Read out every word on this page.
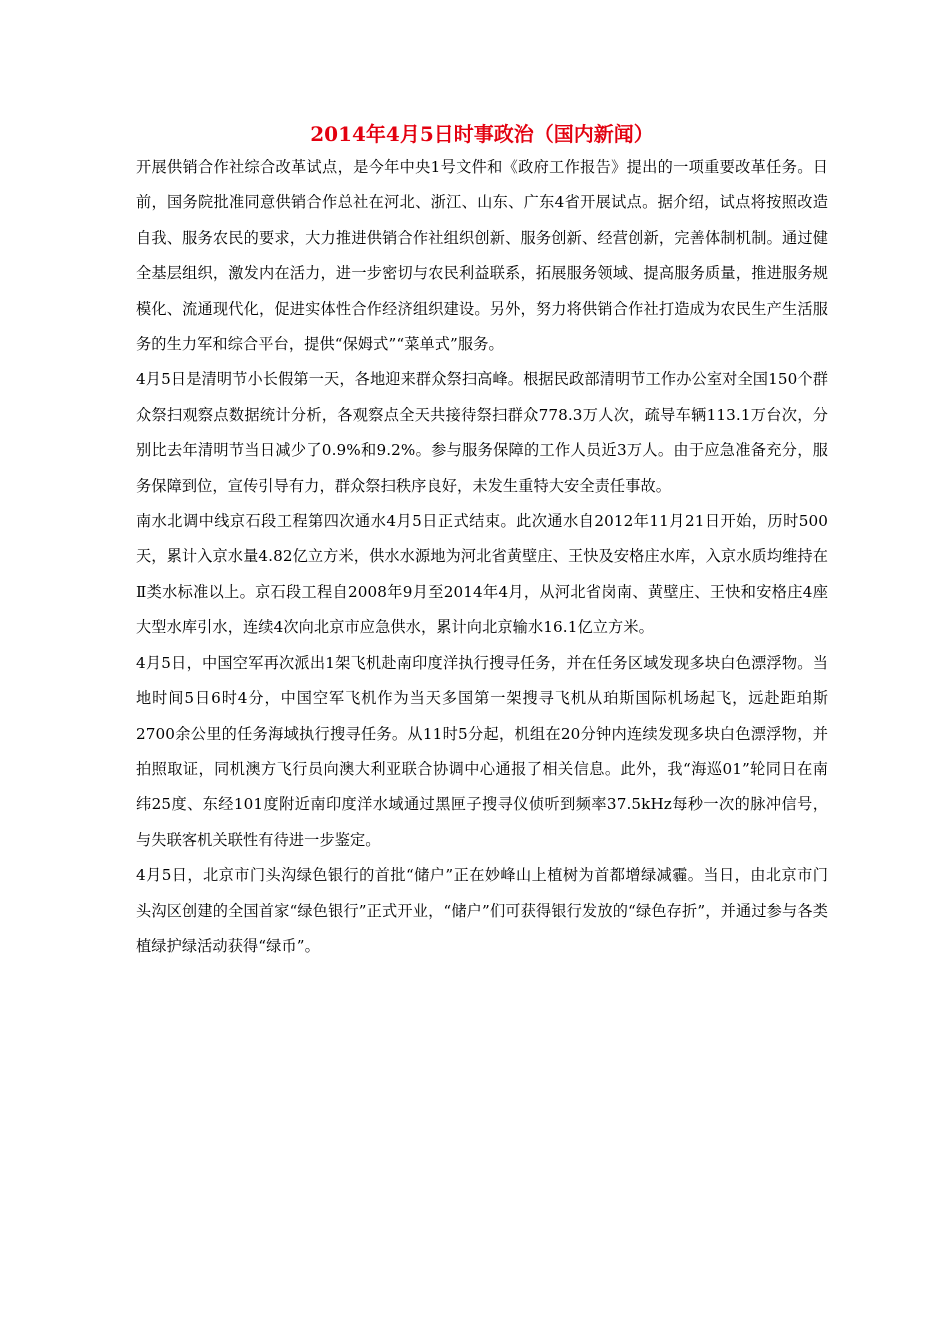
2014年4月5日时事政治（国内新闻）

开展供销合作社综合改革试点，是今年中央1号文件和《政府工作报告》提出的一项重要改革任务。日前，国务院批准同意供销合作总社在河北、浙江、山东、广东4省开展试点。据介绍，试点将按照改造自我、服务农民的要求，大力推进供销合作社组织创新、服务创新、经营创新，完善体制机制。通过健全基层组织，激发内在活力，进一步密切与农民利益联系，拓展服务领域、提高服务质量，推进服务规模化、流通现代化，促进实体性合作经济组织建设。另外，努力将供销合作社打造成为农民生产生活服务的生力军和综合平台，提供“保姆式”“菜单式”服务。

4月5日是清明节小长假第一天，各地迎来群众祭扫高峰。根据民政部清明节工作办公室对全国150个群众祭扫观察点数据统计分析，各观察点全天共接待祭扫群众778.3万人次，疏导车辆113.1万台次，分别比去年清明节当日减少了0.9%和9.2%。参与服务保障的工作人员近3万人。由于应急准备充分，服务保障到位，宣传引导有力，群众祭扫秩序良好，未发生重特大安全责任事故。

南水北调中线京石段工程第四次通水4月5日正式结束。此次通水自2012年11月21日开始，历时500天，累计入京水量4.82亿立方米，供水水源地为河北省黄壁庄、王快及安格庄水库，入京水质均维持在Ⅱ类水标准以上。京石段工程自2008年9月至2014年4月，从河北省岗南、黄壁庄、王快和安格庄4座大型水库引水，连续4次向北京市应急供水，累计向北京输水16.1亿立方米。

4月5日，中国空军再次派出1架飞机赴南印度洋执行搜寻任务，并在任务区域发现多块白色漂浮物。当地时间5日6时4分，中国空军飞机作为当天多国第一架搜寻飞机从珀斯国际机场起飞，远赴距珀斯2700余公里的任务海域执行搜寻任务。从11时5分起，机组在20分钟内连续发现多块白色漂浮物，并拍照取证，同机澳方飞行员向澳大利亚联合协调中心通报了相关信息。此外，我“海巡01”轮同日在南纬25度、东经101度附近南印度洋水域通过黑匣子搜寻仪侦听到频率37.5kHz每秒一次的脉冲信号，与失联客机关联性有待进一步鉴定。

4月5日，北京市门头沟绿色银行的首批“储户”正在妙峰山上植树为首都增绿减霾。当日，由北京市门头沟区创建的全国首家“绿色银行”正式开业，“储户”们可获得银行发放的“绿色存折”，并通过参与各类植绿护绿活动获得“绿币”。
